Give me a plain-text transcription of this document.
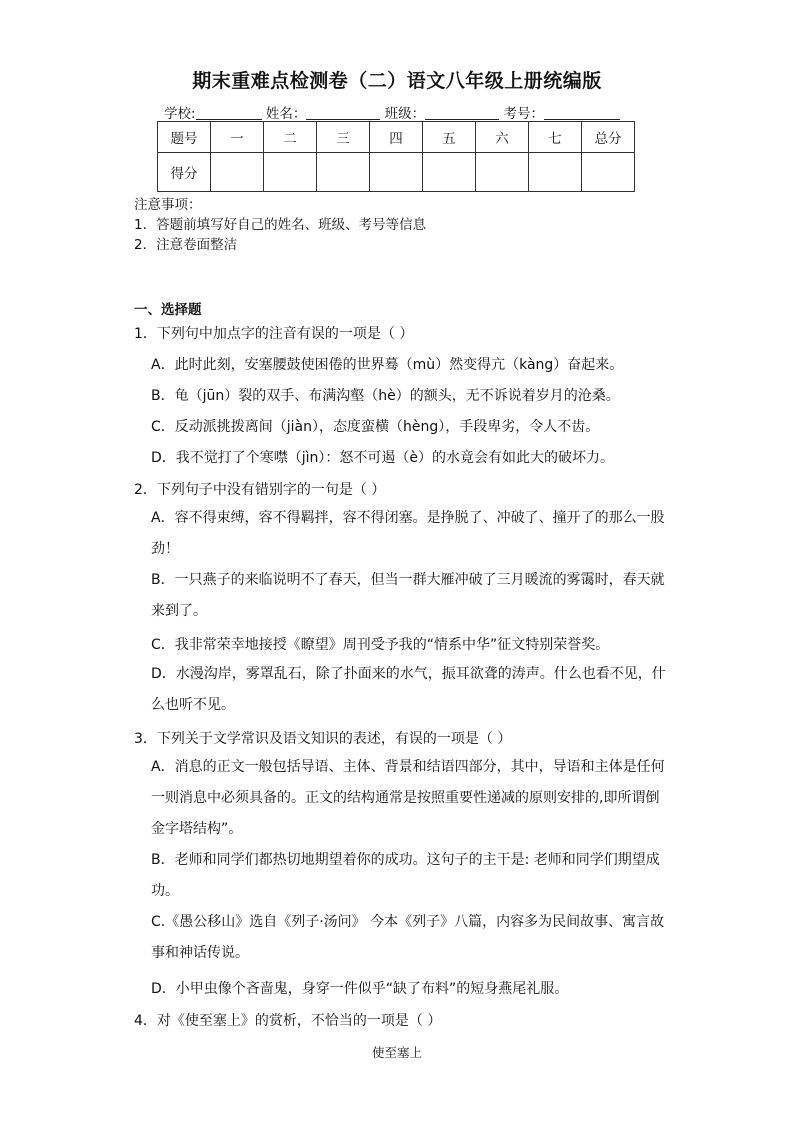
期末重难点检测卷（二）语文八年级上册统编版
学校:	姓名：	班级：	考号：
题号	一	二	三	四	五	六	七	总分
得分								
注意事项：
1．答题前填写好自己的姓名、班级、考号等信息
2．注意卷面整洁
一、选择题
1．下列句中加点字的注音有误的一项是（ ）
A．此时此刻，安塞腰鼓使困倦的世界蓦（mù）然变得亢（kàng）奋起来。
B．龟（jūn）裂的双手、布满沟壑（hè）的额头，无不诉说着岁月的沧桑。
C．反动派挑拨离间（jiàn），态度蛮横（hèng），手段卑劣，令人不齿。
D．我不觉打了个寒噤（jìn）：怒不可遏（è）的水竟会有如此大的破坏力。
2．下列句子中没有错别字的一句是（ ）
A．容不得束缚，容不得羁拌，容不得闭塞。是挣脱了、冲破了、撞开了的那么一股劲！
B．一只燕子的来临说明不了春天，但当一群大雁冲破了三月暖流的雾霭时，春天就来到了。
C．我非常荣幸地接授《瞭望》周刊受予我的“情系中华”征文特别荣誉奖。
D．水漫沟岸，雾罩乱石，除了扑面来的水气，振耳欲聋的涛声。什么也看不见，什么也听不见。
3．下列关于文学常识及语文知识的表述，有误的一项是（ ）
A．消息的正文一般包括导语、主体、背景和结语四部分，其中，导语和主体是任何一则消息中必须具备的。正文的结构通常是按照重要性递减的原则安排的,即所谓倒金字塔结构”。
B．老师和同学们都热切地期望着你的成功。这句子的主干是: 老师和同学们期望成功。
C.《愚公移山》选自《列子·汤问》 今本《列子》八篇，内容多为民间故事、寓言故事和神话传说。
D．小甲虫像个吝啬鬼，身穿一件似乎“缺了布料”的短身燕尾礼服。
4．对《使至塞上》的赏析，不恰当的一项是（ ）
使至塞上
